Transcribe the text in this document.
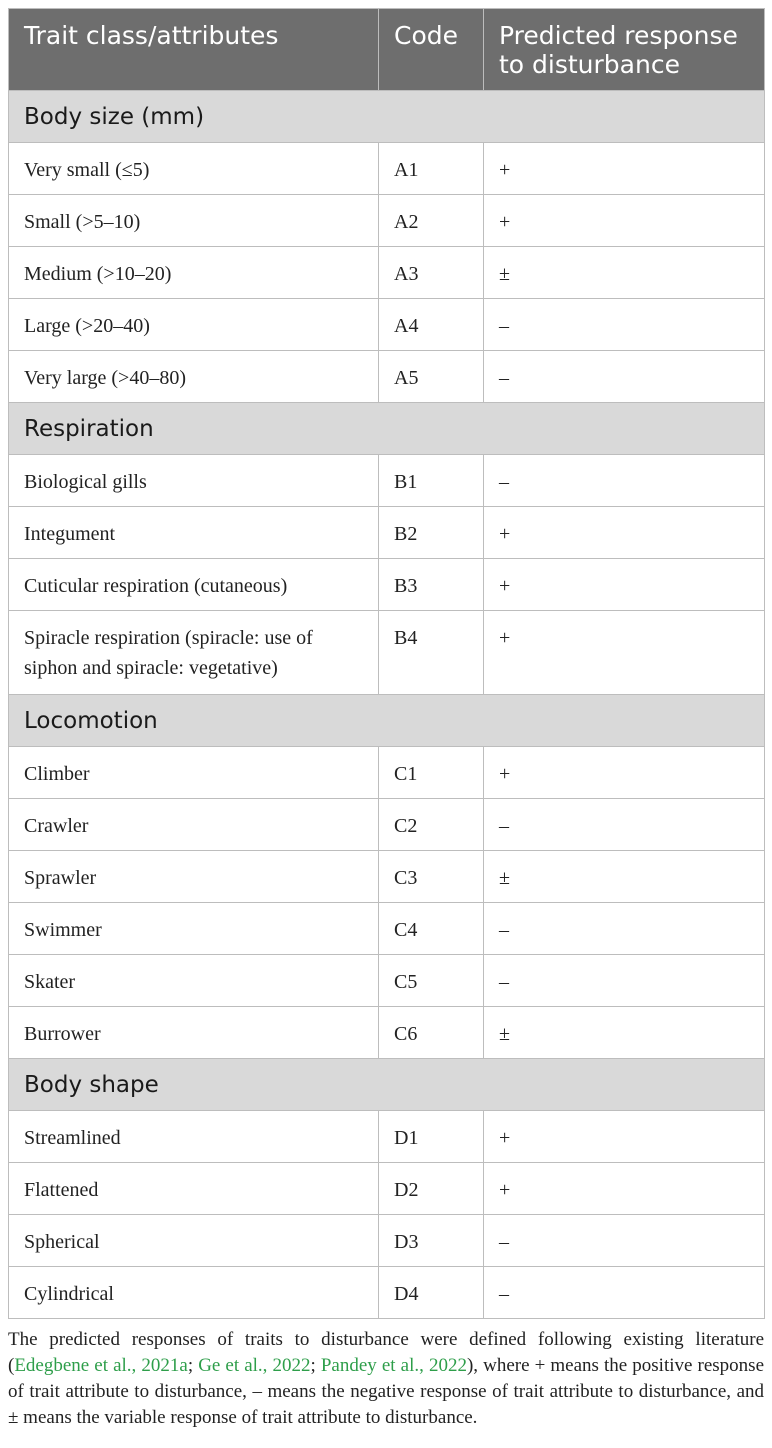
Trait class/attributes	Code	Predicted response to disturbance
Body size (mm)		
Very small (≤5)	A1	+
Small (>5–10)	A2	+
Medium (>10–20)	A3	±
Large (>20–40)	A4	–
Very large (>40–80)	A5	–
Respiration		
Biological gills	B1	–
Integument	B2	+
Cuticular respiration (cutaneous)	B3	+
Spiracle respiration (spiracle: use of siphon and spiracle: vegetative)	B4	+
Locomotion		
Climber	C1	+
Crawler	C2	–
Sprawler	C3	±
Swimmer	C4	–
Skater	C5	–
Burrower	C6	±
Body shape		
Streamlined	D1	+
Flattened	D2	+
Spherical	D3	–
Cylindrical	D4	–

The predicted responses of traits to disturbance were defined following existing literature (Edegbene et al., 2021a; Ge et al., 2022; Pandey et al., 2022), where + means the positive response of trait attribute to disturbance, – means the negative response of trait attribute to disturbance, and ± means the variable response of trait attribute to disturbance.
